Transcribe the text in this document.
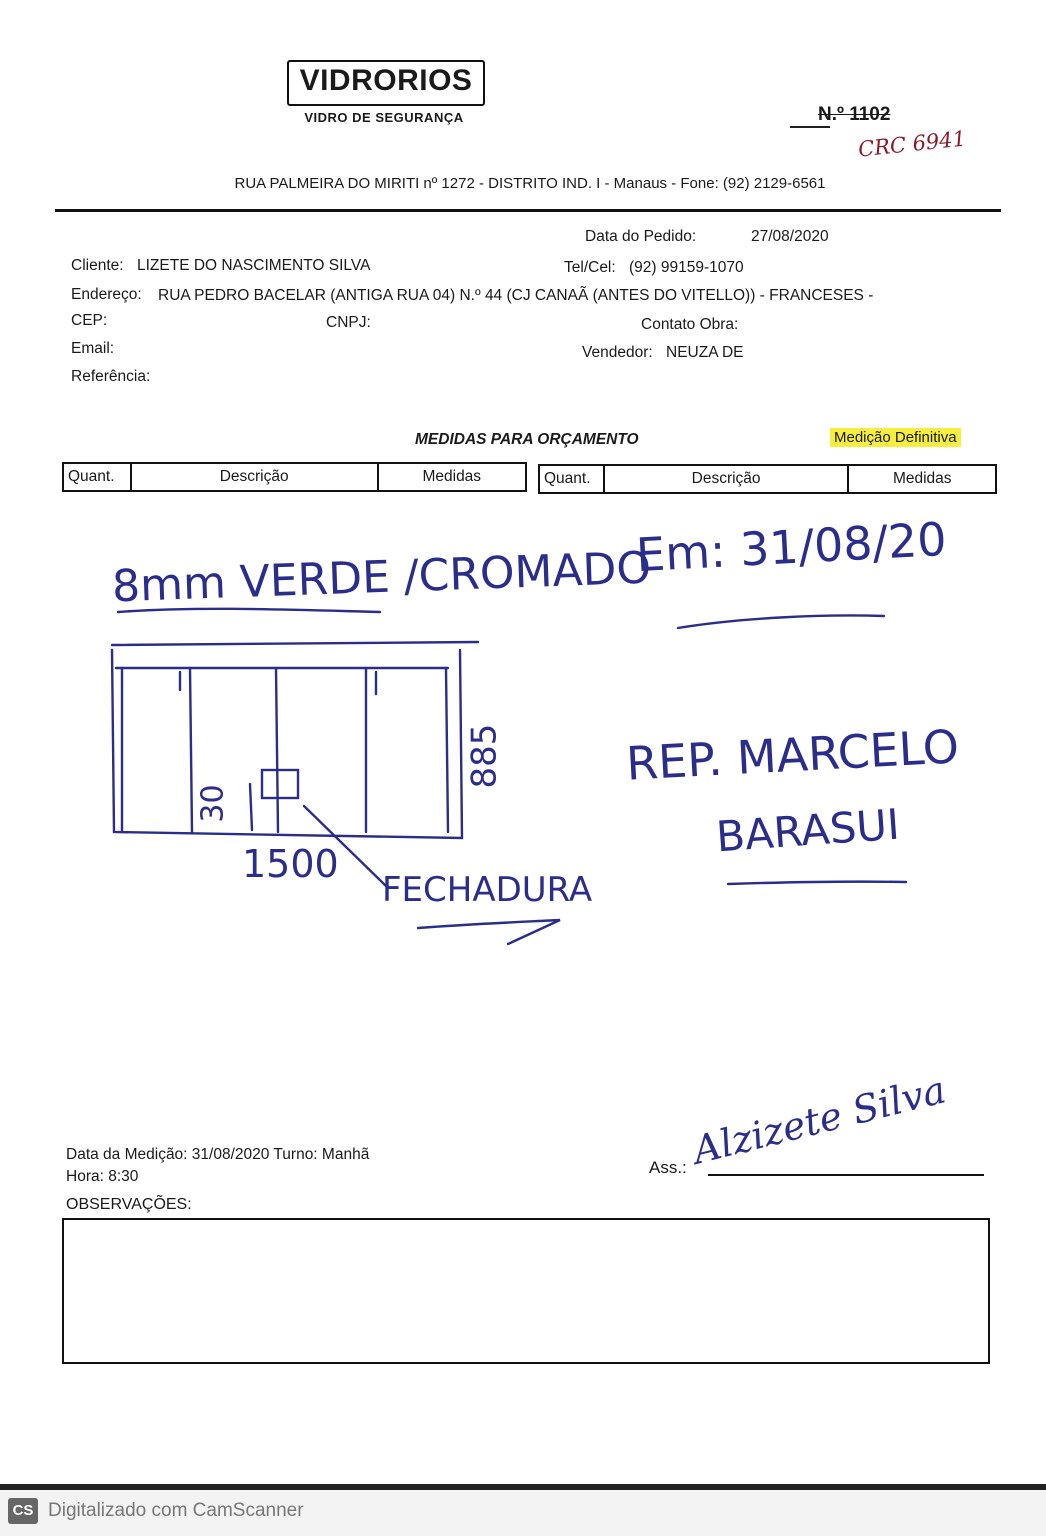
VIDRORIOS
VIDRO DE SEGURANÇA	N.º 1102
CRC 6941
RUA PALMEIRA DO MIRITI nº 1272 - DISTRITO IND. I - Manaus - Fone: (92) 2129-6561
Data do Pedido:	27/08/2020
Cliente: LIZETE DO NASCIMENTO SILVA	Tel/Cel: (92) 99159-1070
Endereço: RUA PEDRO BACELAR (ANTIGA RUA 04) N.º 44 (CJ CANAÃ (ANTES DO VITELLO)) - FRANCESES -
CEP:	CNPJ:	Contato Obra:
Email:	Vendedor: NEUZA DE
Referência:
MEDIDAS PARA ORÇAMENTO	Medição Definitiva
Quant.	Descrição	Medidas	Quant.	Descrição	Medidas
8mm VERDE /CROMADO
Em: 31/08/20
885
30
1500
FECHADURA
REP. MARCELO
BARASUI
Alzizete Silva
Data da Medição: 31/08/2020 Turno: Manhã
Hora: 8:30	Ass.:
OBSERVAÇÕES:
CS Digitalizado com CamScanner
